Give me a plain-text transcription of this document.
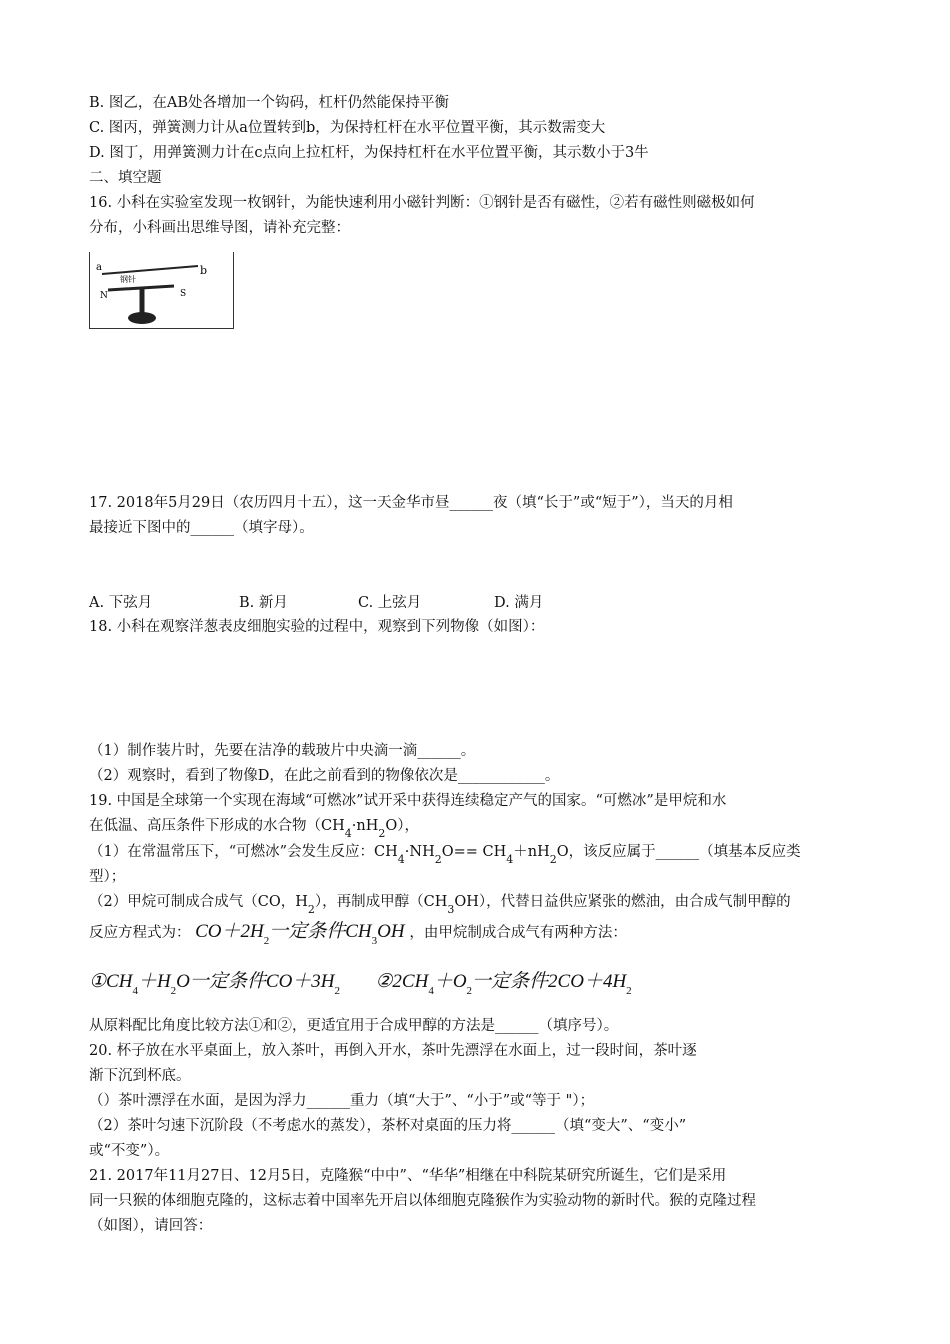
B. 图乙，在AB处各增加一个钩码，杠杆仍然能保持平衡
C. 图丙，弹簧测力计从a位置转到b，为保持杠杆在水平位置平衡，其示数需变大
D. 图丁，用弹簧测力计在c点向上拉杠杆，为保持杠杆在水平位置平衡，其示数小于3牛
二、填空题
16. 小科在实验室发现一枚钢针，为能快速利用小磁针判断：①钢针是否有磁性，②若有磁性则磁极如何
分布，小科画出思维导图，请补充完整：
a	b
钢针
N	S
17. 2018年5月29日（农历四月十五），这一天金华市昼______夜（填“长于”或“短于”），当天的月相
最接近下图中的______（填字母）。
A. 下弦月	B. 新月	C. 上弦月	D. 满月
18. 小科在观察洋葱表皮细胞实验的过程中，观察到下列物像（如图）：
（1）制作装片时，先要在洁净的载玻片中央滴一滴______。
（2）观察时，看到了物像D，在此之前看到的物像依次是____________。
19. 中国是全球第一个实现在海域“可燃冰”试开采中获得连续稳定产气的国家。“可燃冰”是甲烷和水
在低温、高压条件下形成的水合物$(CH_4\cdot nH_2O)$，
（1）在常温常压下，“可燃冰”会发生反应：$CH_4\cdot NH_2O== CH_4+nH_2O$，该反应属于______（填基本反应类
型）；
（2）甲烷可制成合成气（CO，$H_2$），再制成甲醇$(CH_3OH)$，代替日益供应紧张的燃油，由合成气制甲醇的
反应方程式为： $CO+2H_2$一定条件$CH_3OH$ ，由甲烷制成合成气有两种方法：
$①CH_4+H_2O$一定条件$CO+3H_2$ $②2CH_4+O_2$一定条件$2CO+4H_2$
从原料配比角度比较方法①和②，更适宜用于合成甲醇的方法是______（填序号）。
20. 杯子放在水平桌面上，放入茶叶，再倒入开水，茶叶先漂浮在水面上，过一段时间，茶叶逐
渐下沉到杯底。
（）茶叶漂浮在水面，是因为浮力______重力（填“大于”、“小于”或“等于 "）；
（2）茶叶匀速下沉阶段（不考虑水的蒸发），茶杯对桌面的压力将______（填“变大”、“变小”
或“不变”）。
21. 2017年11月27日、12月5日，克隆猴“中中”、“华华”相继在中科院某研究所诞生，它们是采用
同一只猴的体细胞克隆的，这标志着中国率先开启以体细胞克隆猴作为实验动物的新时代。猴的克隆过程
（如图），请回答：
